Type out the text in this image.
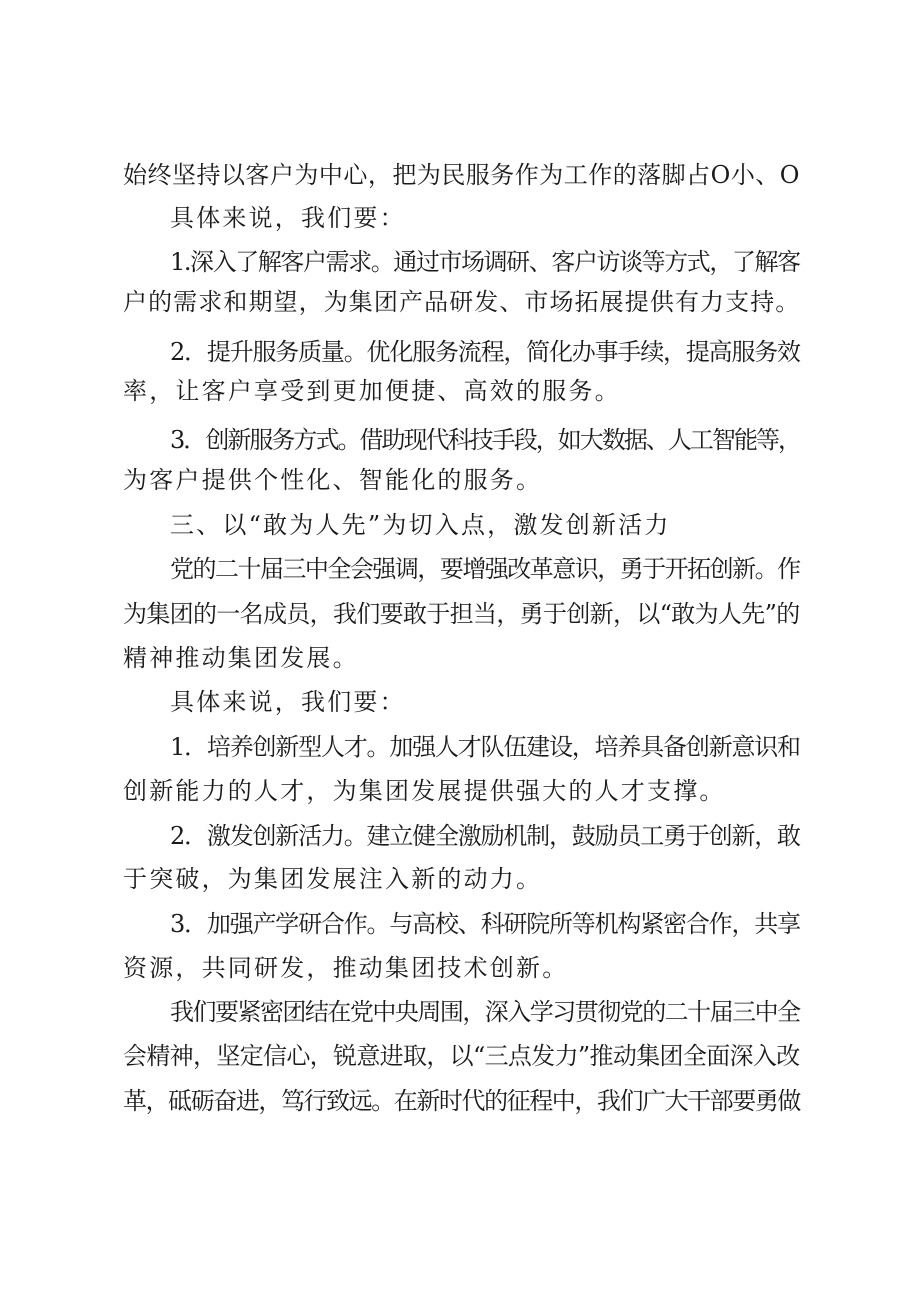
始终坚持以客户为中心，把为民服务作为工作的落脚占O小、O
具体来说，我们要：
1.深入了解客户需求。通过市场调研、客户访谈等方式，了解客
户的需求和期望，为集团产品研发、市场拓展提供有力支持。
2．提升服务质量。优化服务流程，简化办事手续，提高服务效
率，让客户享受到更加便捷、高效的服务。
3．创新服务方式。借助现代科技手段，如大数据、人工智能等，
为客户提供个性化、智能化的服务。
三、以“敢为人先”为切入点，激发创新活力
党的二十届三中全会强调，要增强改革意识，勇于开拓创新。作
为集团的一名成员，我们要敢于担当，勇于创新，以“敢为人先”的
精神推动集团发展。
具体来说，我们要：
1．培养创新型人才。加强人才队伍建设，培养具备创新意识和
创新能力的人才，为集团发展提供强大的人才支撑。
2．激发创新活力。建立健全激励机制，鼓励员工勇于创新，敢
于突破，为集团发展注入新的动力。
3．加强产学研合作。与高校、科研院所等机构紧密合作，共享
资源，共同研发，推动集团技术创新。
我们要紧密团结在党中央周围，深入学习贯彻党的二十届三中全
会精神，坚定信心，锐意进取，以“三点发力”推动集团全面深入改
革，砥砺奋进，笃行致远。在新时代的征程中，我们广大干部要勇做
